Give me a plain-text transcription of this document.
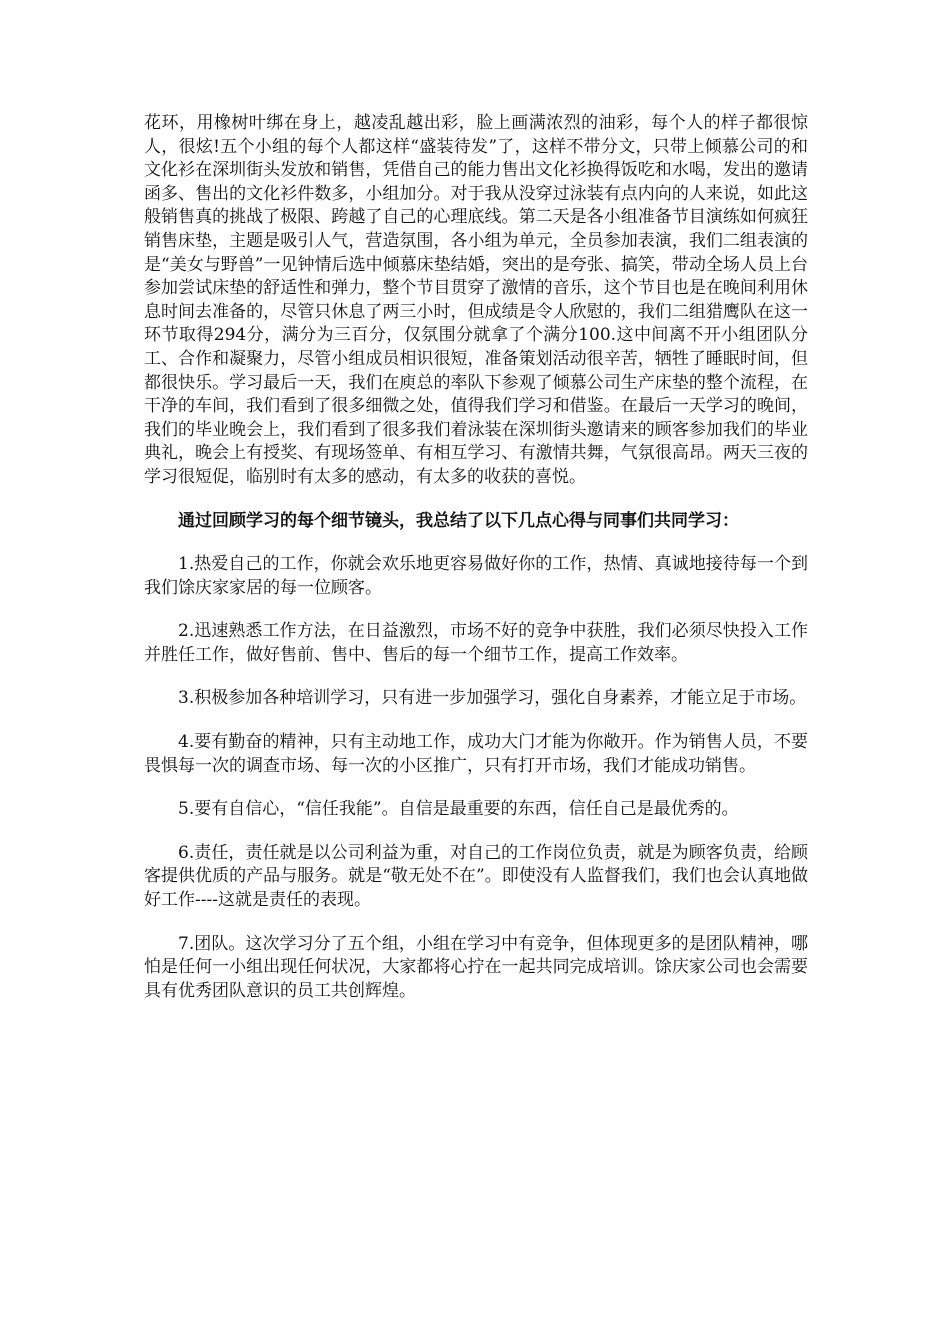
花环，用橡树叶绑在身上，越凌乱越出彩，脸上画满浓烈的油彩，每个人的样子都很惊人，很炫!五个小组的每个人都这样“盛装待发”了，这样不带分文，只带上倾慕公司的和文化衫在深圳街头发放和销售，凭借自己的能力售出文化衫换得饭吃和水喝，发出的邀请函多、售出的文化衫件数多，小组加分。对于我从没穿过泳装有点内向的人来说，如此这般销售真的挑战了极限、跨越了自己的心理底线。第二天是各小组准备节目演练如何疯狂销售床垫，主题是吸引人气，营造氛围，各小组为单元，全员参加表演，我们二组表演的是“美女与野兽”一见钟情后选中倾慕床垫结婚，突出的是夸张、搞笑，带动全场人员上台参加尝试床垫的舒适性和弹力，整个节目贯穿了激情的音乐，这个节目也是在晚间利用休息时间去准备的，尽管只休息了两三小时，但成绩是令人欣慰的，我们二组猎鹰队在这一环节取得294分，满分为三百分，仅氛围分就拿了个满分100.这中间离不开小组团队分工、合作和凝聚力，尽管小组成员相识很短，准备策划活动很辛苦，牺牲了睡眠时间，但都很快乐。学习最后一天，我们在庾总的率队下参观了倾慕公司生产床垫的整个流程，在干净的车间，我们看到了很多细微之处，值得我们学习和借鉴。在最后一天学习的晚间，我们的毕业晚会上，我们看到了很多我们着泳装在深圳街头邀请来的顾客参加我们的毕业典礼，晚会上有授奖、有现场签单、有相互学习、有激情共舞，气氛很高昂。两天三夜的学习很短促，临别时有太多的感动，有太多的收获的喜悦。

通过回顾学习的每个细节镜头，我总结了以下几点心得与同事们共同学习：

1.热爱自己的工作，你就会欢乐地更容易做好你的工作，热情、真诚地接待每一个到我们馀庆家家居的每一位顾客。

2.迅速熟悉工作方法，在日益激烈，市场不好的竞争中获胜，我们必须尽快投入工作并胜任工作，做好售前、售中、售后的每一个细节工作，提高工作效率。

3.积极参加各种培训学习，只有进一步加强学习，强化自身素养，才能立足于市场。

4.要有勤奋的精神，只有主动地工作，成功大门才能为你敞开。作为销售人员，不要畏惧每一次的调查市场、每一次的小区推广，只有打开市场，我们才能成功销售。

5.要有自信心，“信任我能”。自信是最重要的东西，信任自己是最优秀的。

6.责任，责任就是以公司利益为重，对自己的工作岗位负责，就是为顾客负责，给顾客提供优质的产品与服务。就是“敬无处不在”。即使没有人监督我们，我们也会认真地做好工作----这就是责任的表现。

7.团队。这次学习分了五个组，小组在学习中有竞争，但体现更多的是团队精神，哪怕是任何一小组出现任何状况，大家都将心拧在一起共同完成培训。馀庆家公司也会需要具有优秀团队意识的员工共创辉煌。
